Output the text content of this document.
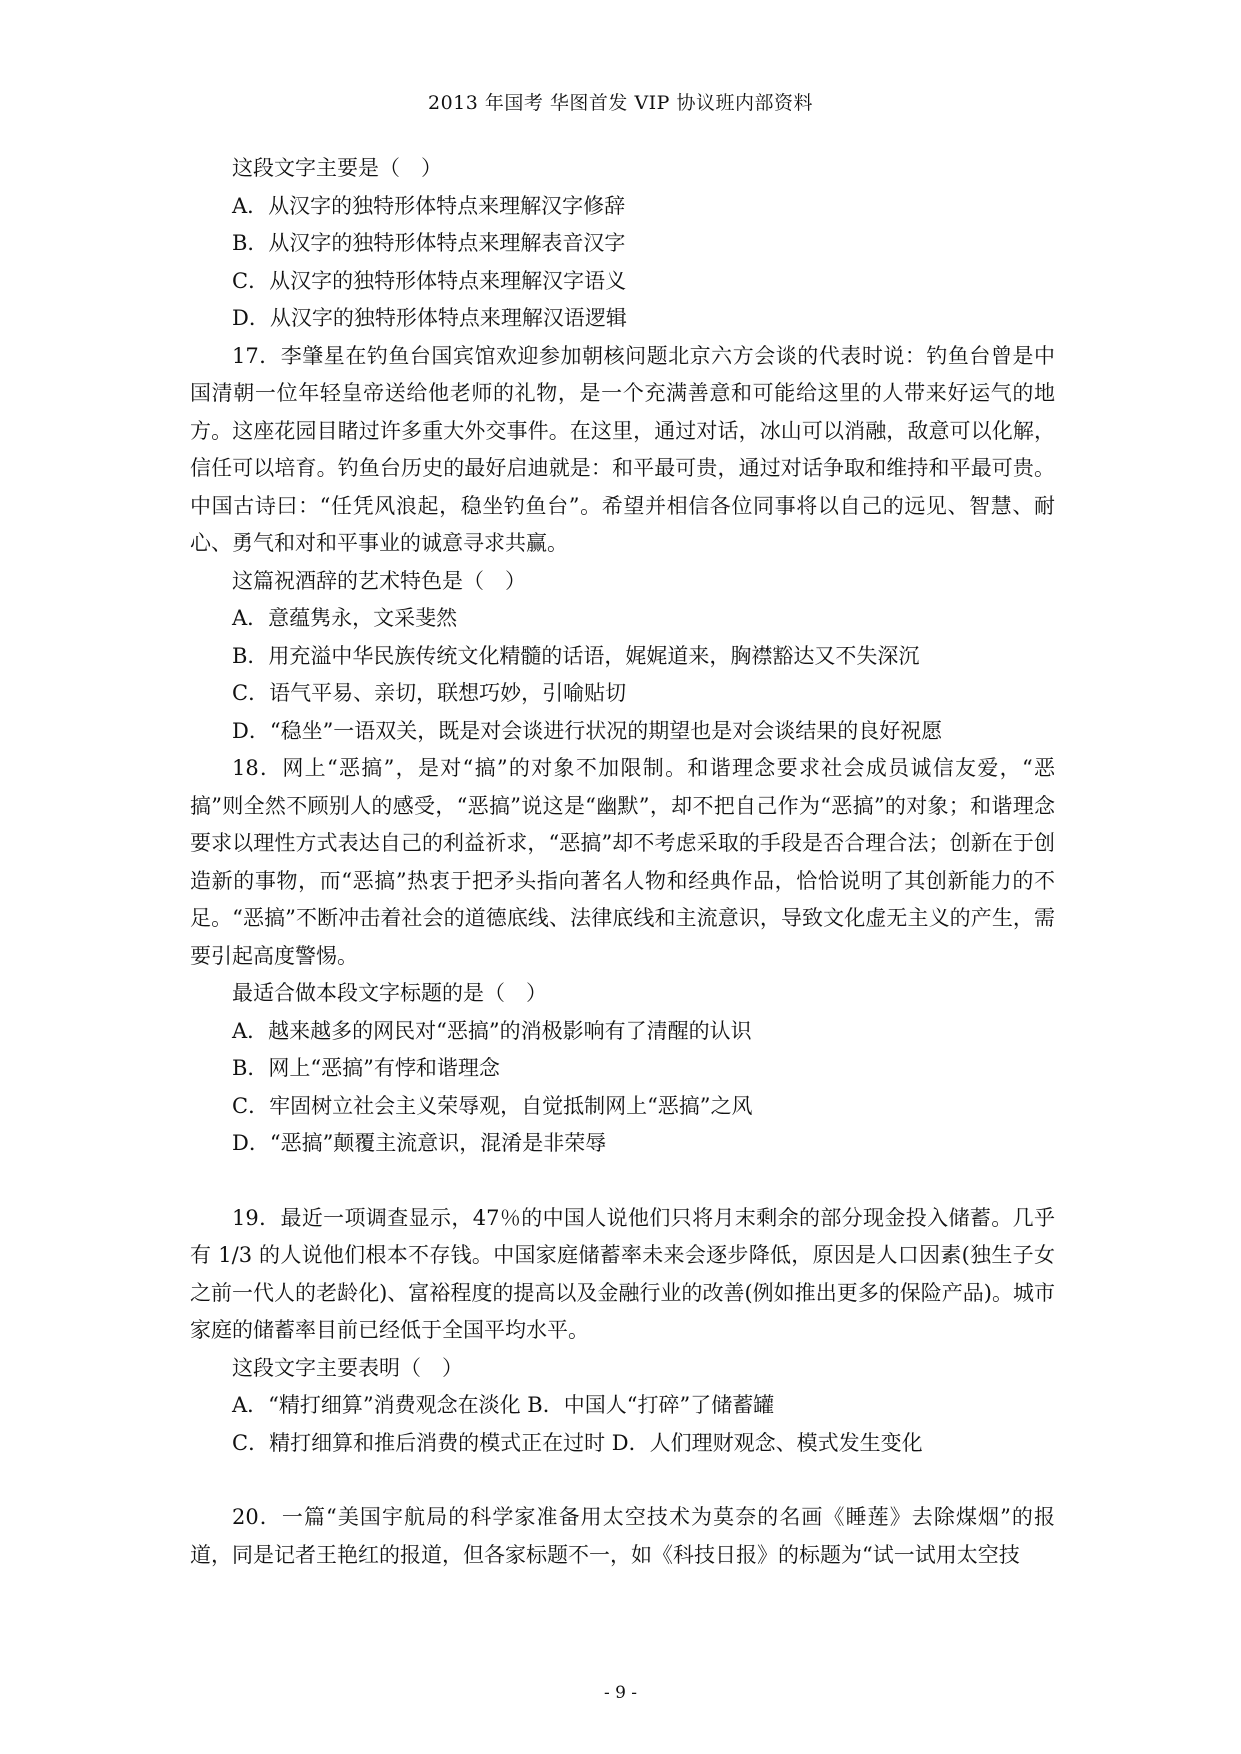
2013 年国考 华图首发 VIP 协议班内部资料
这段文字主要是（　）
A．从汉字的独特形体特点来理解汉字修辞
B．从汉字的独特形体特点来理解表音汉字
C．从汉字的独特形体特点来理解汉字语义
D．从汉字的独特形体特点来理解汉语逻辑
17．李肇星在钓鱼台国宾馆欢迎参加朝核问题北京六方会谈的代表时说：钓鱼台曾是中国清朝一位年轻皇帝送给他老师的礼物，是一个充满善意和可能给这里的人带来好运气的地方。这座花园目睹过许多重大外交事件。在这里，通过对话，冰山可以消融，敌意可以化解，信任可以培育。钓鱼台历史的最好启迪就是：和平最可贵，通过对话争取和维持和平最可贵。中国古诗曰：“任凭风浪起，稳坐钓鱼台”。希望并相信各位同事将以自己的远见、智慧、耐心、勇气和对和平事业的诚意寻求共赢。
这篇祝酒辞的艺术特色是（　）
A．意蕴隽永，文采斐然
B．用充溢中华民族传统文化精髓的话语，娓娓道来，胸襟豁达又不失深沉
C．语气平易、亲切，联想巧妙，引喻贴切
D．“稳坐”一语双关，既是对会谈进行状况的期望也是对会谈结果的良好祝愿
18．网上“恶搞”，是对“搞”的对象不加限制。和谐理念要求社会成员诚信友爱，“恶搞”则全然不顾别人的感受，“恶搞”说这是“幽默”，却不把自己作为“恶搞”的对象；和谐理念要求以理性方式表达自己的利益祈求，“恶搞”却不考虑采取的手段是否合理合法；创新在于创造新的事物，而“恶搞”热衷于把矛头指向著名人物和经典作品，恰恰说明了其创新能力的不足。“恶搞”不断冲击着社会的道德底线、法律底线和主流意识，导致文化虚无主义的产生，需要引起高度警惕。
最适合做本段文字标题的是（　）
A．越来越多的网民对“恶搞”的消极影响有了清醒的认识
B．网上“恶搞”有悖和谐理念
C．牢固树立社会主义荣辱观，自觉抵制网上“恶搞”之风
D．“恶搞”颠覆主流意识，混淆是非荣辱
19．最近一项调查显示，47％的中国人说他们只将月末剩余的部分现金投入储蓄。几乎有 1/3 的人说他们根本不存钱。中国家庭储蓄率未来会逐步降低，原因是人口因素(独生子女之前一代人的老龄化)、富裕程度的提高以及金融行业的改善(例如推出更多的保险产品)。城市家庭的储蓄率目前已经低于全国平均水平。
这段文字主要表明（　）
A．“精打细算”消费观念在淡化 B．中国人“打碎”了储蓄罐
C．精打细算和推后消费的模式正在过时 D．人们理财观念、模式发生变化
20．一篇“美国宇航局的科学家准备用太空技术为莫奈的名画《睡莲》去除煤烟”的报道，同是记者王艳红的报道，但各家标题不一，如《科技日报》的标题为“试一试用太空技
- 9 -
